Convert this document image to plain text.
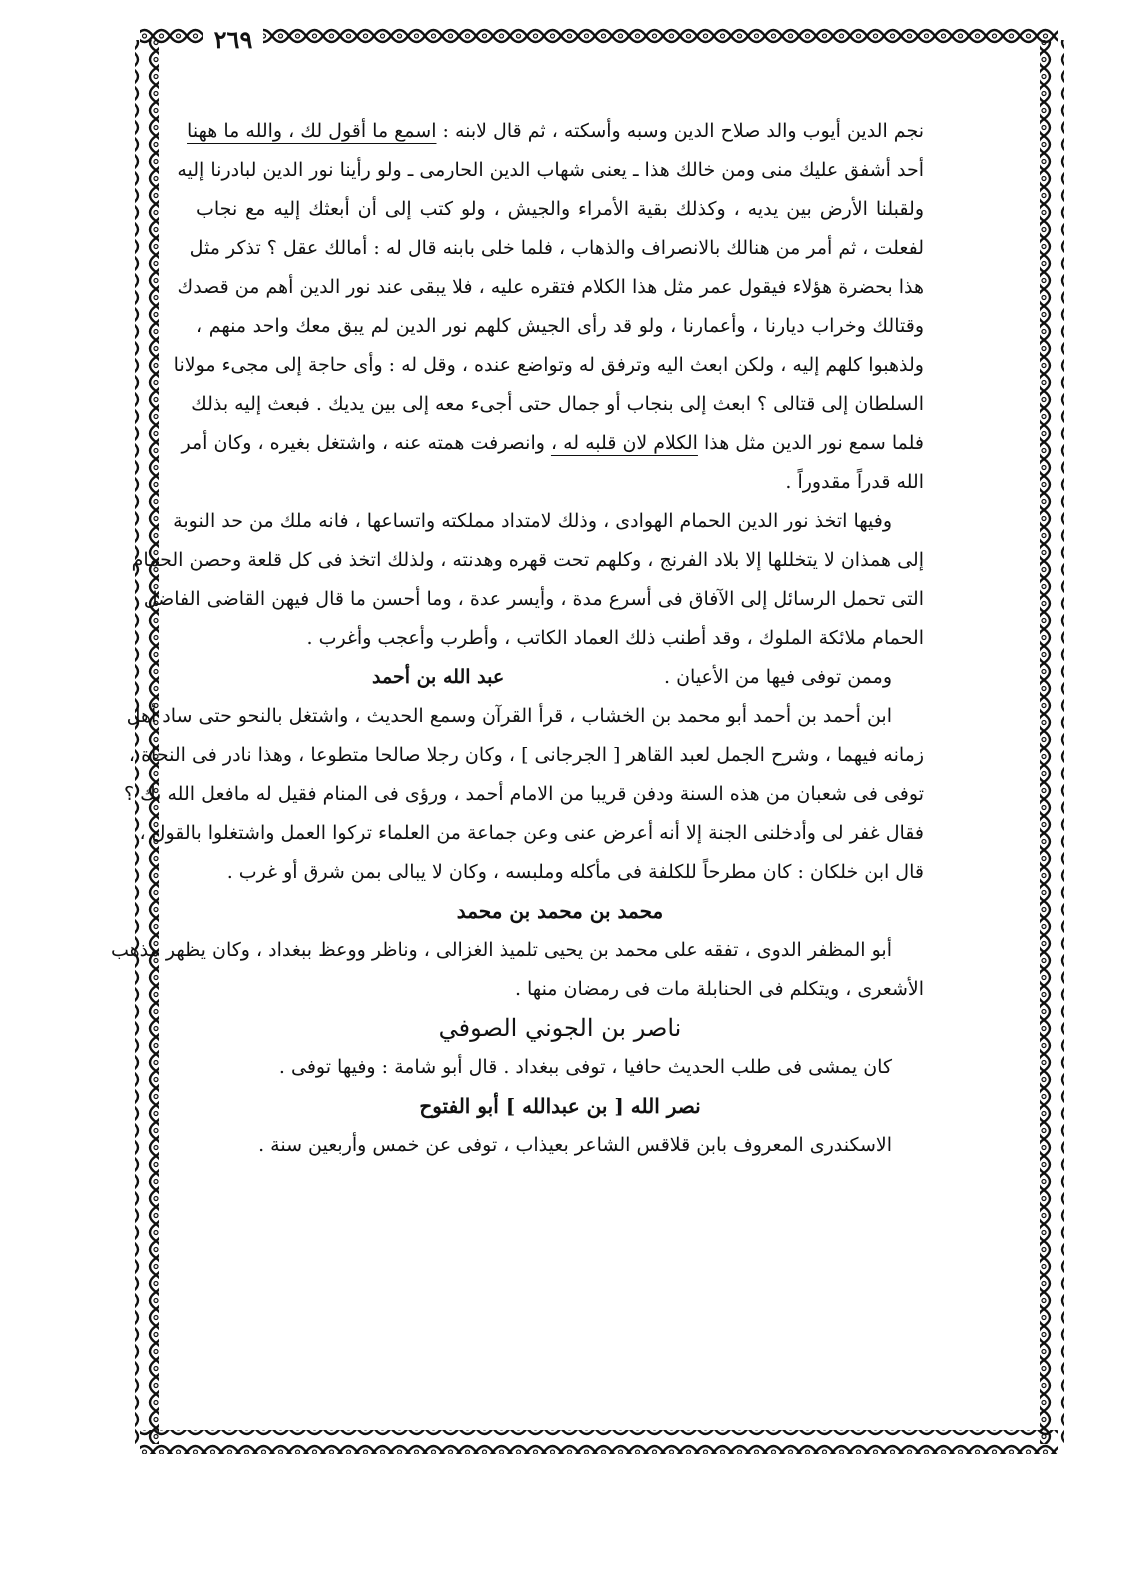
٢٦٩
نجم الدين أيوب والد صلاح الدين وسبه وأسكته ، ثم قال لابنه : اسمع ما أقول لك ، والله ما ههنا
أحد أشفق عليك منى ومن خالك هذا ـ يعنى شهاب الدين الحارمى ـ ولو رأينا نور الدين لبادرنا إليه
ولقبلنا الأرض بين يديه ، وكذلك بقية الأمراء والجيش ، ولو كتب إلى أن أبعثك إليه مع نجاب
لفعلت ، ثم أمر من هنالك بالانصراف والذهاب ، فلما خلى بابنه قال له : أمالك عقل ؟ تذكر مثل
هذا بحضرة هؤلاء فيقول عمر مثل هذا الكلام فتقره عليه ، فلا يبقى عند نور الدين أهم من قصدك
وقتالك وخراب ديارنا ، وأعمارنا ، ولو قد رأى الجيش كلهم نور الدين لم يبق معك واحد منهم ،
ولذهبوا كلهم إليه ، ولكن ابعث اليه وترفق له وتواضع عنده ، وقل له : وأى حاجة إلى مجىء مولانا
السلطان إلى قتالى ؟ ابعث إلى بنجاب أو جمال حتى أجىء معه إلى بين يديك . فبعث إليه بذلك
فلما سمع نور الدين مثل هذا الكلام لان قلبه له ، وانصرفت همته عنه ، واشتغل بغيره ، وكان أمر
الله قدراً مقدوراً .
وفيها اتخذ نور الدين الحمام الهوادى ، وذلك لامتداد مملكته واتساعها ، فانه ملك من حد النوبة
إلى همذان لا يتخللها إلا بلاد الفرنج ، وكلهم تحت قهره وهدنته ، ولذلك اتخذ فى كل قلعة وحصن الحمام
التى تحمل الرسائل إلى الآفاق فى أسرع مدة ، وأيسر عدة ، وما أحسن ما قال فيهن القاضى الفاضل
الحمام ملائكة الملوك ، وقد أطنب ذلك العماد الكاتب ، وأطرب وأعجب وأغرب .
وممن توفى فيها من الأعيان .
عبد الله بن أحمد
ابن أحمد بن أحمد أبو محمد بن الخشاب ، قرأ القرآن وسمع الحديث ، واشتغل بالنحو حتى ساد أهل
زمانه فيهما ، وشرح الجمل لعبد القاهر [ الجرجانى ] ، وكان رجلا صالحا متطوعا ، وهذا نادر فى النحاة ،
توفى فى شعبان من هذه السنة ودفن قريبا من الامام أحمد ، ورؤى فى المنام فقيل له مافعل الله بك ؟
فقال غفر لى وأدخلنى الجنة إلا أنه أعرض عنى وعن جماعة من العلماء تركوا العمل واشتغلوا بالقول ،
قال ابن خلكان : كان مطرحاً للكلفة فى مأكله وملبسه ، وكان لا يبالى بمن شرق أو غرب .
محمد بن محمد بن محمد
أبو المظفر الدوى ، تفقه على محمد بن يحيى تلميذ الغزالى ، وناظر ووعظ ببغداد ، وكان يظهر مذهب
الأشعرى ، ويتكلم فى الحنابلة مات فى رمضان منها .
ناصر بن الجوني الصوفي
كان يمشى فى طلب الحديث حافيا ، توفى ببغداد . قال أبو شامة : وفيها توفى .
نصر الله [ بن عبدالله ] أبو الفتوح
الاسكندرى المعروف بابن قلاقس الشاعر بعيذاب ، توفى عن خمس وأربعين سنة .
